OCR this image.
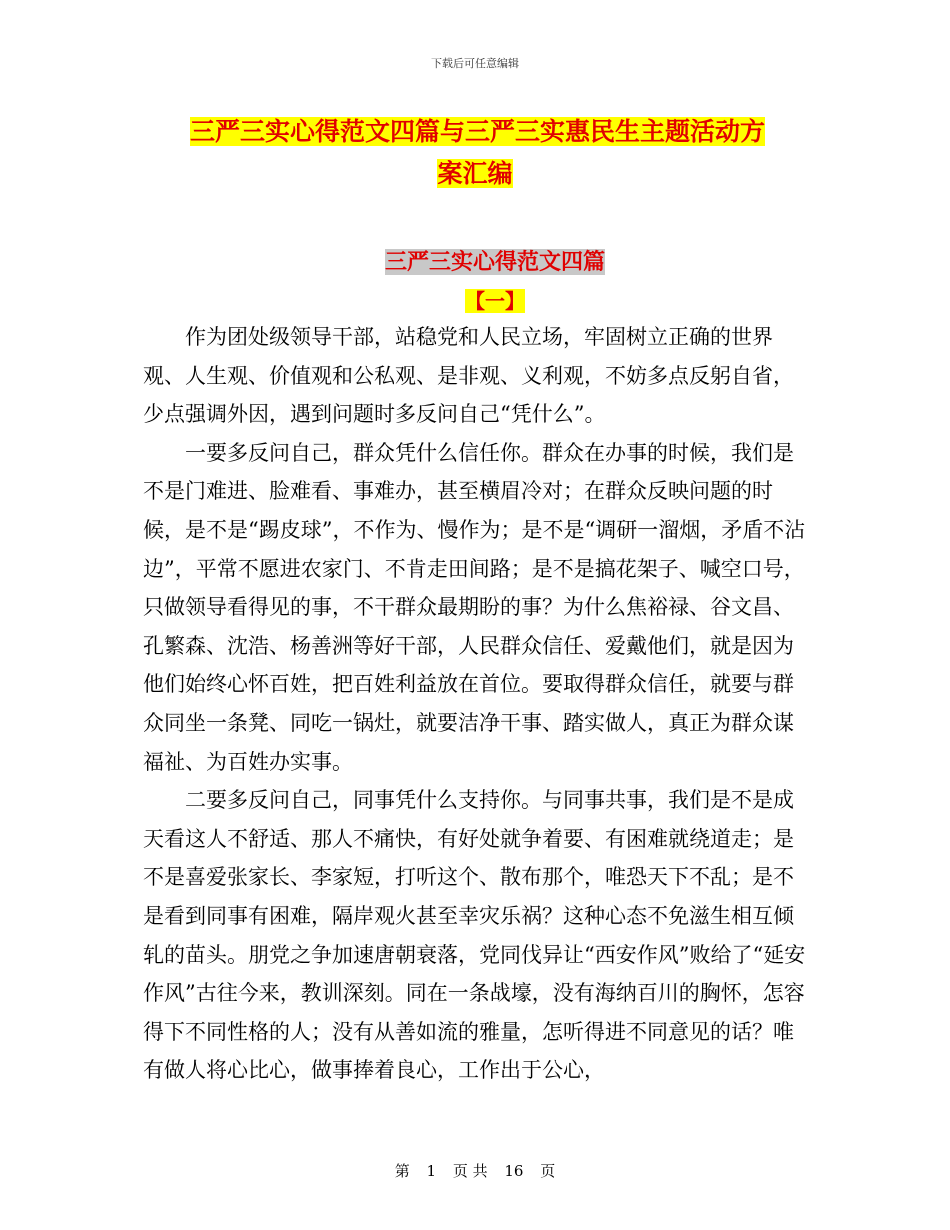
下载后可任意编辑
三严三实心得范文四篇与三严三实惠民生主题活动方
案汇编
三严三实心得范文四篇
【一】

作为团处级领导干部，站稳党和人民立场，牢固树立正确的世界观、人生观、价值观和公私观、是非观、义利观，不妨多点反躬自省，少点强调外因，遇到问题时多反问自己“凭什么”。

一要多反问自己，群众凭什么信任你。群众在办事的时候，我们是不是门难进、脸难看、事难办，甚至横眉冷对；在群众反映问题的时候，是不是“踢皮球”，不作为、慢作为；是不是“调研一溜烟，矛盾不沾边”，平常不愿进农家门、不肯走田间路；是不是搞花架子、喊空口号，只做领导看得见的事，不干群众最期盼的事？为什么焦裕禄、谷文昌、孔繁森、沈浩、杨善洲等好干部，人民群众信任、爱戴他们，就是因为他们始终心怀百姓，把百姓利益放在首位。要取得群众信任，就要与群众同坐一条凳、同吃一锅灶，就要洁净干事、踏实做人，真正为群众谋福祉、为百姓办实事。

二要多反问自己，同事凭什么支持你。与同事共事，我们是不是成天看这人不舒适、那人不痛快，有好处就争着要、有困难就绕道走；是不是喜爱张家长、李家短，打听这个、散布那个，唯恐天下不乱；是不是看到同事有困难，隔岸观火甚至幸灾乐祸？这种心态不免滋生相互倾轧的苗头。朋党之争加速唐朝衰落，党同伐异让“西安作风”败给了“延安作风”古往今来，教训深刻。同在一条战壕，没有海纳百川的胸怀，怎容得下不同性格的人；没有从善如流的雅量，怎听得进不同意见的话？唯有做人将心比心，做事捧着良心，工作出于公心，

第 1 页 共 16 页
